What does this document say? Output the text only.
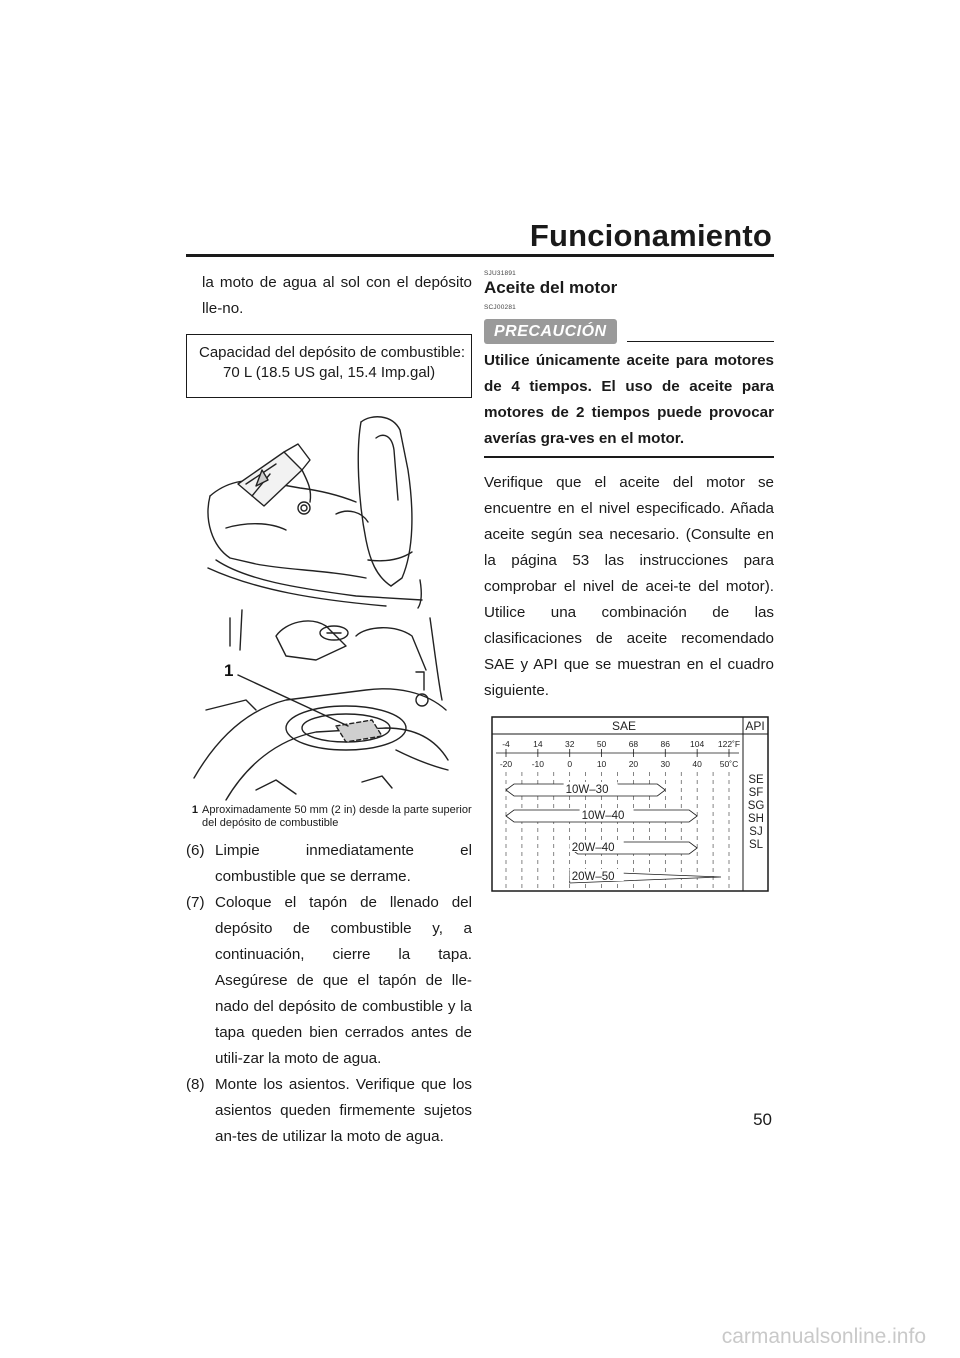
Funcionamiento

la moto de agua al sol con el depósito lle-no.

Capacidad del depósito de combustible:
70 L (18.5 US gal, 15.4 Imp.gal)
1
1 Aproximadamente 50 mm (2 in) desde la parte superior del depósito de combustible
(6) Limpie inmediatamente el combustible que se derrame.
(7) Coloque el tapón de llenado del depósito de combustible y, a continuación, cierre la tapa. Asegúrese de que el tapón de lle-nado del depósito de combustible y la tapa queden bien cerrados antes de utili-zar la moto de agua.
(8) Monte los asientos. Verifique que los asientos queden firmemente sujetos an-tes de utilizar la moto de agua.
SJU31891
Aceite del motor
SCJ00281
PRECAUCIÓN
Utilice únicamente aceite para motores de 4 tiempos. El uso de aceite para motores de 2 tiempos puede provocar averías gra-ves en el motor.

Verifique que el aceite del motor se encuentre en el nivel especificado. Añada aceite según sea necesario. (Consulte en la página 53 las instrucciones para comprobar el nivel de acei-te del motor). Utilice una combinación de las clasificaciones de aceite recomendado SAE y API que se muestran en el cuadro siguiente.

SAE	API
-4
-20
14
-10
32
0
50
10
68
20
86
30
104
40
122˚F
50˚C
10W–30
10W–40
20W–40
20W–50
SE
SF
SG
SH
SJ
SL
50
carmanualsonline.info
